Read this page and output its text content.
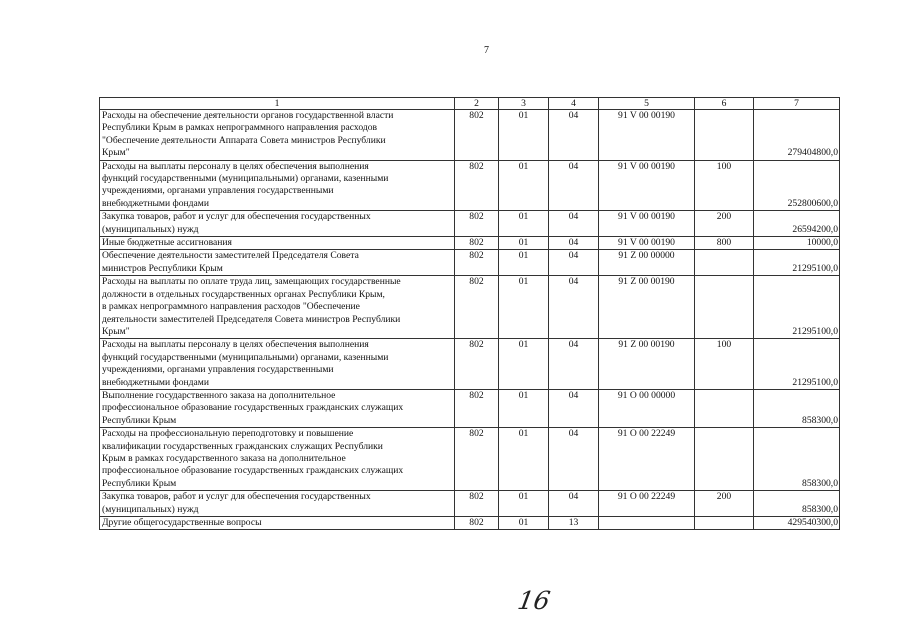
7
1	2	3	4	5	6	7
Расходы на обеспечение деятельности органов государственной власти
Республики Крым в рамках непрограммного направления расходов
"Обеспечение деятельности Аппарата Совета министров Республики
Крым"	802	01	04	91 V 00 00190		279404800,0
Расходы на выплаты персоналу в целях обеспечения выполнения
функций государственными (муниципальными) органами, казенными
учреждениями, органами управления государственными
внебюджетными фондами	802	01	04	91 V 00 00190	100	252800600,0
Закупка товаров, работ и услуг для обеспечения государственных
(муниципальных) нужд	802	01	04	91 V 00 00190	200	26594200,0
Иные бюджетные ассигнования	802	01	04	91 V 00 00190	800	10000,0
Обеспечение деятельности заместителей Председателя Совета
министров Республики Крым	802	01	04	91 Z 00 00000		21295100,0
Расходы на выплаты по оплате труда лиц, замещающих государственные
должности в отдельных государственных органах Республики Крым,
в рамках непрограммного направления расходов "Обеспечение
деятельности заместителей Председателя Совета министров Республики
Крым"	802	01	04	91 Z 00 00190		21295100,0
Расходы на выплаты персоналу в целях обеспечения выполнения
функций государственными (муниципальными) органами, казенными
учреждениями, органами управления государственными
внебюджетными фондами	802	01	04	91 Z 00 00190	100	21295100,0
Выполнение государственного заказа на дополнительное
профессиональное образование государственных гражданских служащих
Республики Крым	802	01	04	91 O 00 00000		858300,0
Расходы на профессиональную переподготовку и повышение
квалификации государственных гражданских служащих Республики
Крым в рамках государственного заказа на дополнительное
профессиональное образование государственных гражданских служащих
Республики Крым	802	01	04	91 O 00 22249		858300,0
Закупка товаров, работ и услуг для обеспечения государственных
(муниципальных) нужд	802	01	04	91 O 00 22249	200	858300,0
Другие общегосударственные вопросы	802	01	13			429540300,0
16
